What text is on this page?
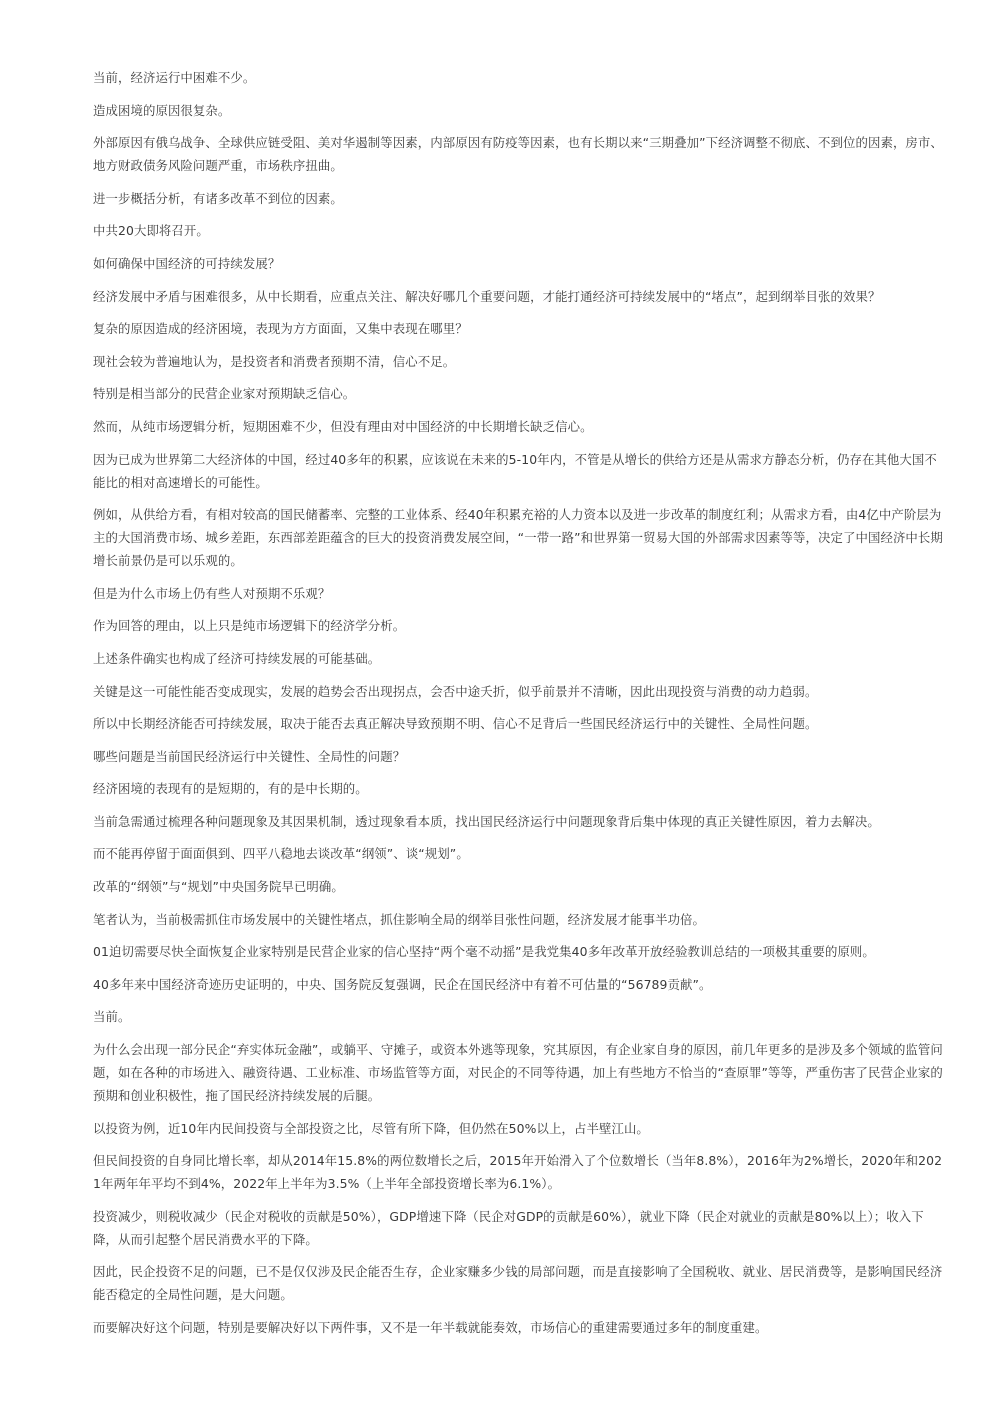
当前，经济运行中困难不少。

造成困境的原因很复杂。

外部原因有俄乌战争、全球供应链受阻、美对华遏制等因素，内部原因有防疫等因素，也有长期以来“三期叠加”下经济调整不彻底、不到位的因素，房市、地方财政债务风险问题严重，市场秩序扭曲。

进一步概括分析，有诸多改革不到位的因素。

中共20大即将召开。

如何确保中国经济的可持续发展？

经济发展中矛盾与困难很多，从中长期看，应重点关注、解决好哪几个重要问题，才能打通经济可持续发展中的“堵点”，起到纲举目张的效果？

复杂的原因造成的经济困境，表现为方方面面，又集中表现在哪里？

现社会较为普遍地认为，是投资者和消费者预期不清，信心不足。

特别是相当部分的民营企业家对预期缺乏信心。

然而，从纯市场逻辑分析，短期困难不少，但没有理由对中国经济的中长期增长缺乏信心。

因为已成为世界第二大经济体的中国，经过40多年的积累，应该说在未来的5-10年内，不管是从增长的供给方还是从需求方静态分析，仍存在其他大国不能比的相对高速增长的可能性。

例如，从供给方看，有相对较高的国民储蓄率、完整的工业体系、经40年积累充裕的人力资本以及进一步改革的制度红利；从需求方看，由4亿中产阶层为主的大国消费市场、城乡差距，东西部差距蕴含的巨大的投资消费发展空间，“一带一路”和世界第一贸易大国的外部需求因素等等，决定了中国经济中长期增长前景仍是可以乐观的。

但是为什么市场上仍有些人对预期不乐观？

作为回答的理由，以上只是纯市场逻辑下的经济学分析。

上述条件确实也构成了经济可持续发展的可能基础。

关键是这一可能性能否变成现实，发展的趋势会否出现拐点，会否中途夭折，似乎前景并不清晰，因此出现投资与消费的动力趋弱。

所以中长期经济能否可持续发展，取决于能否去真正解决导致预期不明、信心不足背后一些国民经济运行中的关键性、全局性问题。

哪些问题是当前国民经济运行中关键性、全局性的问题？

经济困境的表现有的是短期的，有的是中长期的。

当前急需通过梳理各种问题现象及其因果机制，透过现象看本质，找出国民经济运行中问题现象背后集中体现的真正关键性原因，着力去解决。

而不能再停留于面面俱到、四平八稳地去谈改革“纲领”、谈“规划”。

改革的“纲领”与“规划”中央国务院早已明确。

笔者认为，当前极需抓住市场发展中的关键性堵点，抓住影响全局的纲举目张性问题，经济发展才能事半功倍。

01迫切需要尽快全面恢复企业家特别是民营企业家的信心坚持“两个毫不动摇”是我党集40多年改革开放经验教训总结的一项极其重要的原则。

40多年来中国经济奇迹历史证明的，中央、国务院反复强调，民企在国民经济中有着不可估量的“56789贡献”。

当前。

为什么会出现一部分民企“弃实体玩金融”，或躺平、守摊子，或资本外逃等现象，究其原因，有企业家自身的原因，前几年更多的是涉及多个领域的监管问题，如在各种的市场进入、融资待遇、工业标准、市场监管等方面，对民企的不同等待遇，加上有些地方不恰当的“查原罪”等等，严重伤害了民营企业家的预期和创业积极性，拖了国民经济持续发展的后腿。

以投资为例，近10年内民间投资与全部投资之比，尽管有所下降，但仍然在50%以上，占半壁江山。

但民间投资的自身同比增长率，却从2014年15.8%的两位数增长之后，2015年开始滑入了个位数增长（当年8.8%），2016年为2%增长，2020年和2021年两年年平均不到4%，2022年上半年为3.5%（上半年全部投资增长率为6.1%）。

投资减少，则税收减少（民企对税收的贡献是50%），GDP增速下降（民企对GDP的贡献是60%），就业下降（民企对就业的贡献是80%以上）；收入下降，从而引起整个居民消费水平的下降。

因此，民企投资不足的问题，已不是仅仅涉及民企能否生存，企业家赚多少钱的局部问题，而是直接影响了全国税收、就业、居民消费等，是影响国民经济能否稳定的全局性问题，是大问题。

而要解决好这个问题，特别是要解决好以下两件事，又不是一年半载就能奏效，市场信心的重建需要通过多年的制度重建。
